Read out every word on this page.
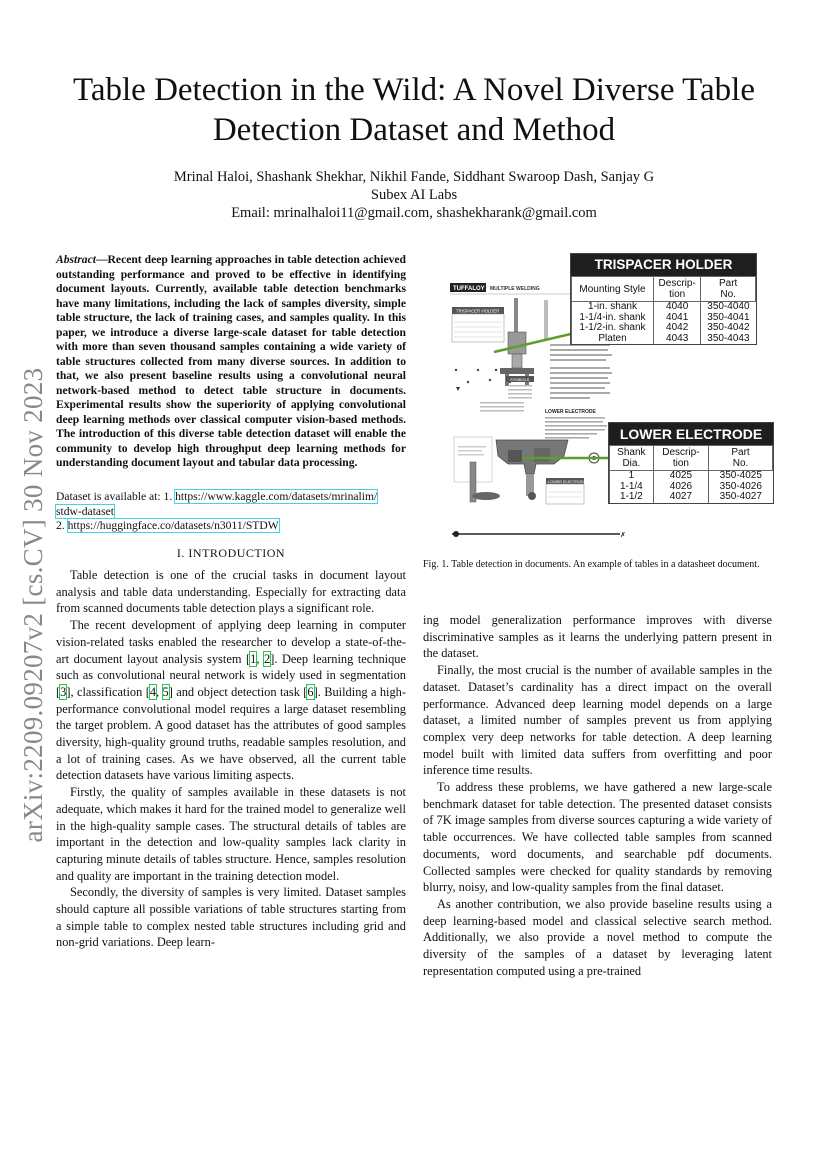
arXiv:2209.09207v2 [cs.CV] 30 Nov 2023
Table Detection in the Wild: A Novel Diverse Table
Detection Dataset and Method
Mrinal Haloi, Shashank Shekhar, Nikhil Fande, Siddhant Swaroop Dash, Sanjay G
Subex AI Labs
Email: mrinalhaloi11@gmail.com, shashekharank@gmail.com

Abstract—Recent deep learning approaches in table detection achieved outstanding performance and proved to be effective in identifying document layouts. Currently, available table detection benchmarks have many limitations, including the lack of samples diversity, simple table structure, the lack of training cases, and samples quality. In this paper, we introduce a diverse large-scale dataset for table detection with more than seven thousand samples containing a wide variety of table structures collected from many diverse sources. In addition to that, we also present baseline results using a convolutional neural network-based method to detect table structure in documents. Experimental results show the superiority of applying convolutional deep learning methods over classical computer vision-based methods. The introduction of this diverse table detection dataset will enable the community to develop high throughput deep learning methods for understanding document layout and tabular data processing.

Dataset is available at: 1. https://www.kaggle.com/datasets/mrinalim/
stdw-dataset
2. https://huggingface.co/datasets/n3011/STDW
I. INTRODUCTION

Table detection is one of the crucial tasks in document layout analysis and table data understanding. Especially for extracting data from scanned documents table detection plays a significant role.

The recent development of applying deep learning in computer vision-related tasks enabled the researcher to develop a state-of-the-art document layout analysis system [1, 2]. Deep learning technique such as convolutional neural network is widely used in segmentation [3], classification [4, 5] and object detection task [6]. Building a high-performance convolutional model requires a large dataset resembling the target problem. A good dataset has the attributes of good samples diversity, high-quality ground truths, readable samples resolution, and a lot of training cases. As we have observed, all the current table detection datasets have various limiting aspects.

Firstly, the quality of samples available in these datasets is not adequate, which makes it hard for the trained model to generalize well in the high-quality sample cases. The structural details of tables are important in the detection and low-quality samples lack clarity in capturing minute details of tables structure. Hence, samples resolution and quality are important in the training detection model.

Secondly, the diversity of samples is very limited. Dataset samples should capture all possible variations of table structures starting from a simple table to complex nested table structures including grid and non-grid variations. Deep learn-

TUFFALOY MULTIPLE WELDING
TRISPACER HOLDER
SYMBOLS
LOWER ELECTRODE
LOWER ELECTRODE
✗
TRISPACER HOLDER
Mounting Style	Descrip-
tion	Part
No.
1-in. shank	4040	350-4040
1-1/4-in. shank	4041	350-4041
1-1/2-in. shank	4042	350-4042
Platen	4043	350-4043
LOWER ELECTRODE
Shank
Dia.	Descrip-
tion	Part
No.
1	4025	350-4025
1-1/4	4026	350-4026
1-1/2	4027	350-4027
Fig. 1. Table detection in documents. An example of tables in a datasheet document.

ing model generalization performance improves with diverse discriminative samples as it learns the underlying pattern present in the dataset.

Finally, the most crucial is the number of available samples in the dataset. Dataset’s cardinality has a direct impact on the overall performance. Advanced deep learning model depends on a large dataset, a limited number of samples prevent us from applying complex very deep networks for table detection. A deep learning model built with limited data suffers from overfitting and poor inference time results.

To address these problems, we have gathered a new large-scale benchmark dataset for table detection. The presented dataset consists of 7K image samples from diverse sources capturing a wide variety of table occurrences. We have collected table samples from scanned documents, word documents, and searchable pdf documents. Collected samples were checked for quality standards by removing blurry, noisy, and low-quality samples from the final dataset.

As another contribution, we also provide baseline results using a deep learning-based model and classical selective search method. Additionally, we also provide a novel method to compute the diversity of the samples of a dataset by leveraging latent representation computed using a pre-trained
